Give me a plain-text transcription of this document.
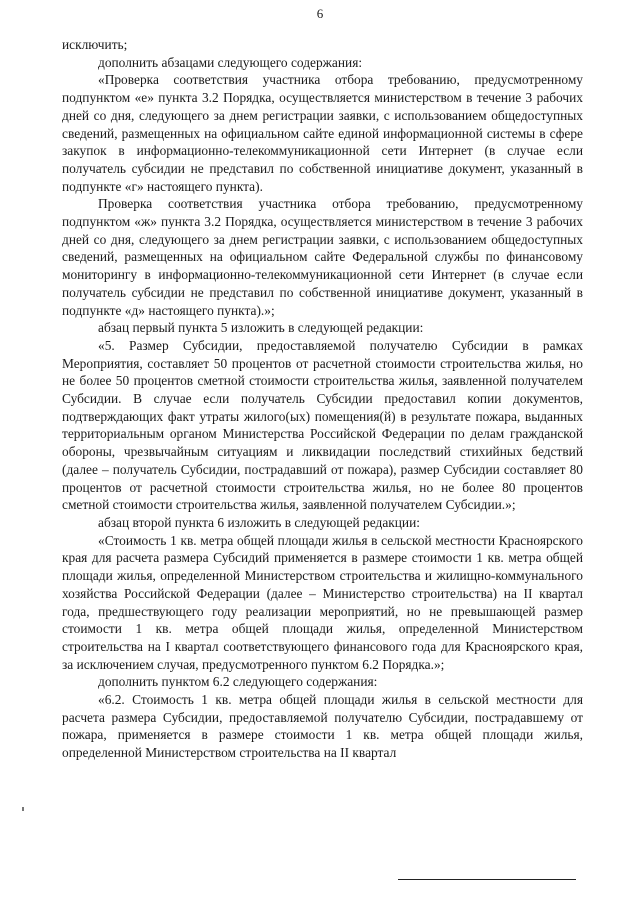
6

исключить;

дополнить абзацами следующего содержания:

«Проверка соответствия участника отбора требованию, предусмотренному подпунктом «е» пункта 3.2 Порядка, осуществляется министерством в течение 3 рабочих дней со дня, следующего за днем регистрации заявки, с использованием общедоступных сведений, размещенных на официальном сайте единой информационной системы в сфере закупок в информационно-телекоммуникационной сети Интернет (в случае если получатель субсидии не представил по собственной инициативе документ, указанный в подпункте «г» настоящего пункта).

Проверка соответствия участника отбора требованию, предусмотренному подпунктом «ж» пункта 3.2 Порядка, осуществляется министерством в течение 3 рабочих дней со дня, следующего за днем регистрации заявки, с использованием общедоступных сведений, размещенных на официальном сайте Федеральной службы по финансовому мониторингу в информационно-телекоммуникационной сети Интернет (в случае если получатель субсидии не представил по собственной инициативе документ, указанный в подпункте «д» настоящего пункта).»;

абзац первый пункта 5 изложить в следующей редакции:

«5. Размер Субсидии, предоставляемой получателю Субсидии в рамках Мероприятия, составляет 50 процентов от расчетной стоимости строительства жилья, но не более 50 процентов сметной стоимости строительства жилья, заявленной получателем Субсидии. В случае если получатель Субсидии предоставил копии документов, подтверждающих факт утраты жилого(ых) помещения(й) в результате пожара, выданных территориальным органом Министерства Российской Федерации по делам гражданской обороны, чрезвычайным ситуациям и ликвидации последствий стихийных бедствий (далее – получатель Субсидии, пострадавший от пожара), размер Субсидии составляет 80 процентов от расчетной стоимости строительства жилья, но не более 80 процентов сметной стоимости строительства жилья, заявленной получателем Субсидии.»;

абзац второй пункта 6 изложить в следующей редакции:

«Стоимость 1 кв. метра общей площади жилья в сельской местности Красноярского края для расчета размера Субсидий применяется в размере стоимости 1 кв. метра общей площади жилья, определенной Министерством строительства и жилищно-коммунального хозяйства Российской Федерации (далее – Министерство строительства) на II квартал года, предшествующего году реализации мероприятий, но не превышающей размер стоимости 1 кв. метра общей площади жилья, определенной Министерством строительства на I квартал соответствующего финансового года для Красноярского края, за исключением случая, предусмотренного пунктом 6.2 Порядка.»;

дополнить пунктом 6.2 следующего содержания:

«6.2. Стоимость 1 кв. метра общей площади жилья в сельской местности для расчета размера Субсидии, предоставляемой получателю Субсидии, пострадавшему от пожара, применяется в размере стоимости 1 кв. метра общей площади жилья, определенной Министерством строительства на II квартал
